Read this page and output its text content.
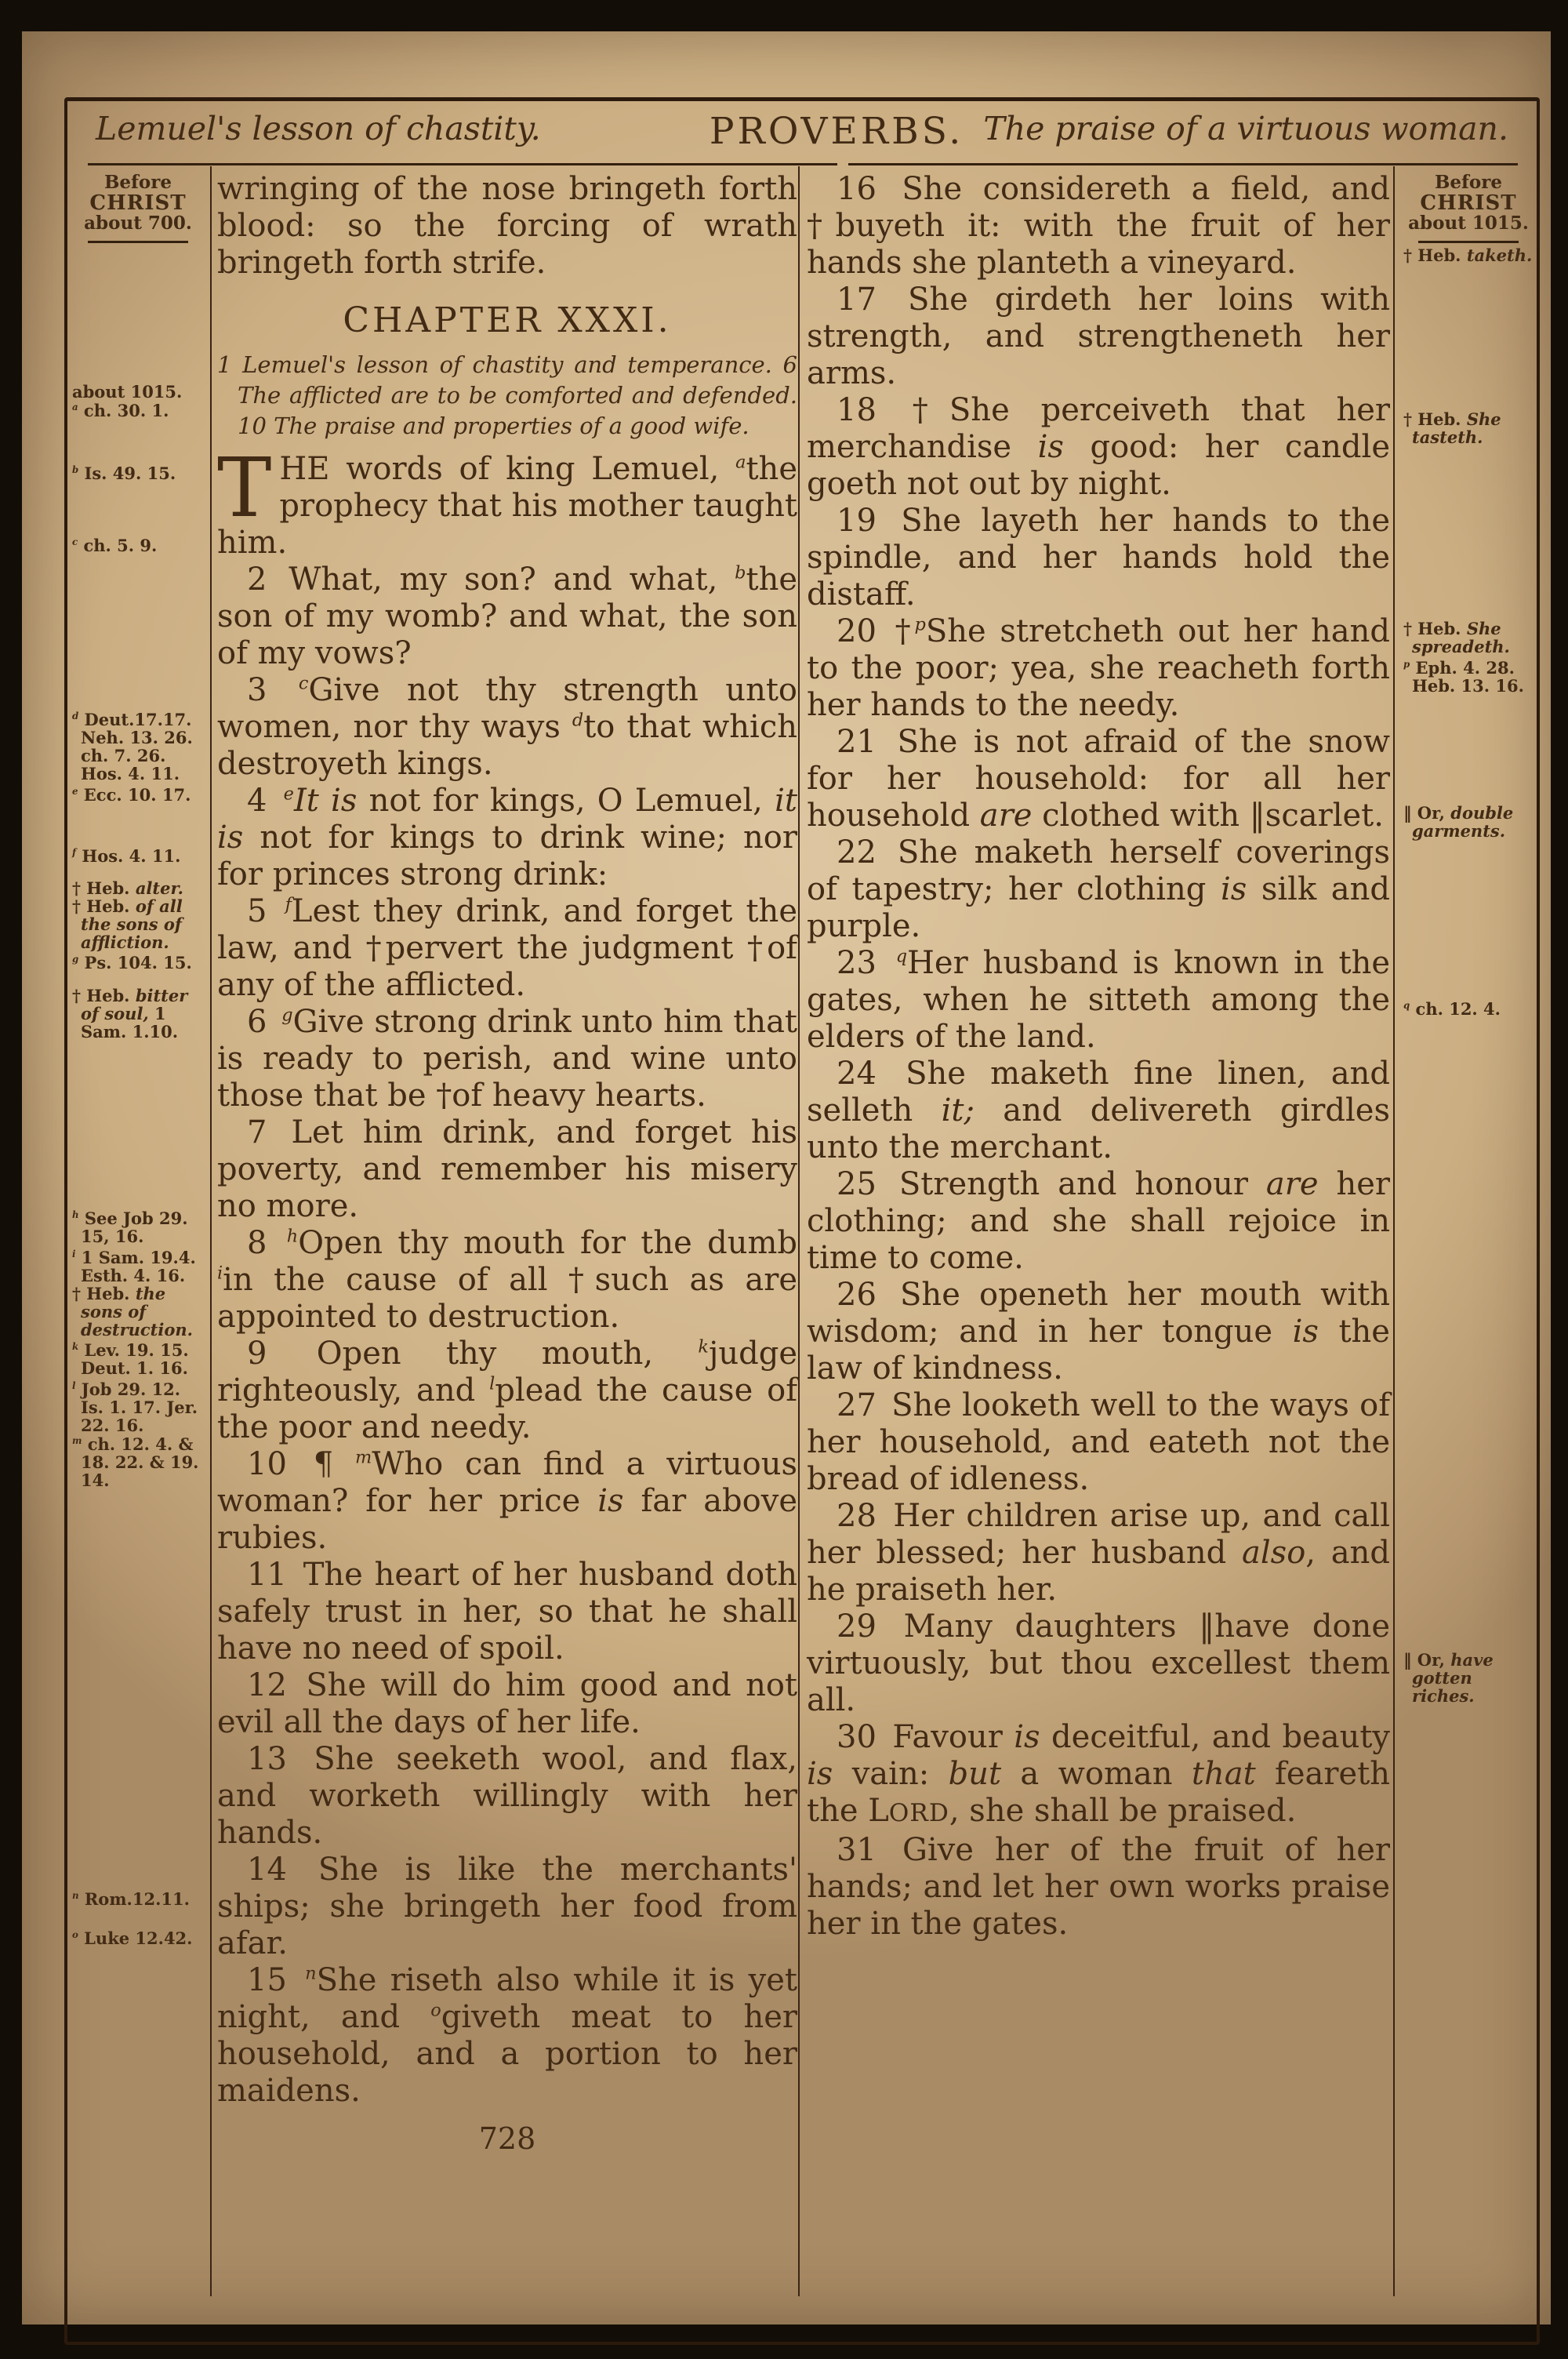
Lemuel's lesson of chastity.	PROVERBS. The praise of a virtuous woman.
Before
CHRIST
about 700.
about 1015.
$^a$ ch. 30. 1.
$^b$ Is. 49. 15.
$^c$ ch. 5. 9.
$^d$ Deut.17.17. Neh. 13. 26. ch. 7. 26. Hos. 4. 11.
$^e$ Ecc. 10. 17.
$^f$ Hos. 4. 11.
† Heb. alter.
† Heb. of all the sons of affliction.
$^g$ Ps. 104. 15.
† Heb. bitter of soul, 1 Sam. 1.10.
$^h$ See Job 29. 15, 16.
$^i$ 1 Sam. 19.4. Esth. 4. 16.
† Heb. the sons of destruction.
$^k$ Lev. 19. 15. Deut. 1. 16.
$^l$ Job 29. 12. Is. 1. 17. Jer. 22. 16.
$^m$ ch. 12. 4. & 18. 22. & 19. 14.
$^n$ Rom.12.11.
$^o$ Luke 12.42.

wringing of the nose bringeth forth blood: so the forcing of wrath bringeth forth strife.

CHAPTER XXXI.

1 Lemuel's lesson of chastity and temperance. 6 The afflicted are to be comforted and defended. 10 The praise and properties of a good wife.

THE words of king Lemuel, $^a$the prophecy that his mother taught him.

2 What, my son? and what, $^b$the son of my womb? and what, the son of my vows?

3 $^c$Give not thy strength unto women, nor thy ways $^d$to that which destroyeth kings.

4 $^e$It is not for kings, O Lemuel, it is not for kings to drink wine; nor for princes strong drink:

5 $^f$Lest they drink, and forget the law, and †pervert the judgment †of any of the afflicted.

6 $^g$Give strong drink unto him that is ready to perish, and wine unto those that be †of heavy hearts.

7 Let him drink, and forget his poverty, and remember his misery no more.

8 $^h$Open thy mouth for the dumb $^i$in the cause of all †such as are appointed to destruction.

9 Open thy mouth, $^k$judge righteously, and $^l$plead the cause of the poor and needy.

10 ¶ $^m$Who can find a virtuous woman? for her price is far above rubies.

11 The heart of her husband doth safely trust in her, so that he shall have no need of spoil.

12 She will do him good and not evil all the days of her life.

13 She seeketh wool, and flax, and worketh willingly with her hands.

14 She is like the merchants' ships; she bringeth her food from afar.

15 $^n$She riseth also while it is yet night, and $^o$giveth meat to her household, and a portion to her maidens.

728

16 She considereth a field, and †buyeth it: with the fruit of her hands she planteth a vineyard.

17 She girdeth her loins with strength, and strengtheneth her arms.

18 †She perceiveth that her merchandise is good: her candle goeth not out by night.

19 She layeth her hands to the spindle, and her hands hold the distaff.

20 †$^p$She stretcheth out her hand to the poor; yea, she reacheth forth her hands to the needy.

21 She is not afraid of the snow for her household: for all her household are clothed with ‖scarlet.

22 She maketh herself coverings of tapestry; her clothing is silk and purple.

23 $^q$Her husband is known in the gates, when he sitteth among the elders of the land.

24 She maketh fine linen, and selleth it; and delivereth girdles unto the merchant.

25 Strength and honour are her clothing; and she shall rejoice in time to come.

26 She openeth her mouth with wisdom; and in her tongue is the law of kindness.

27 She looketh well to the ways of her household, and eateth not the bread of idleness.

28 Her children arise up, and call her blessed; her husband also, and he praiseth her.

29 Many daughters ‖have done virtuously, but thou excellest them all.

30 Favour is deceitful, and beauty is vain: but a woman that feareth the LORD, she shall be praised.

31 Give her of the fruit of her hands; and let her own works praise her in the gates.

Before
CHRIST
about 1015.
† Heb. taketh.
† Heb. She tasteth.
† Heb. She spreadeth.
$^p$ Eph. 4. 28. Heb. 13. 16.
‖ Or, double garments.
$^q$ ch. 12. 4.
‖ Or, have gotten riches.
